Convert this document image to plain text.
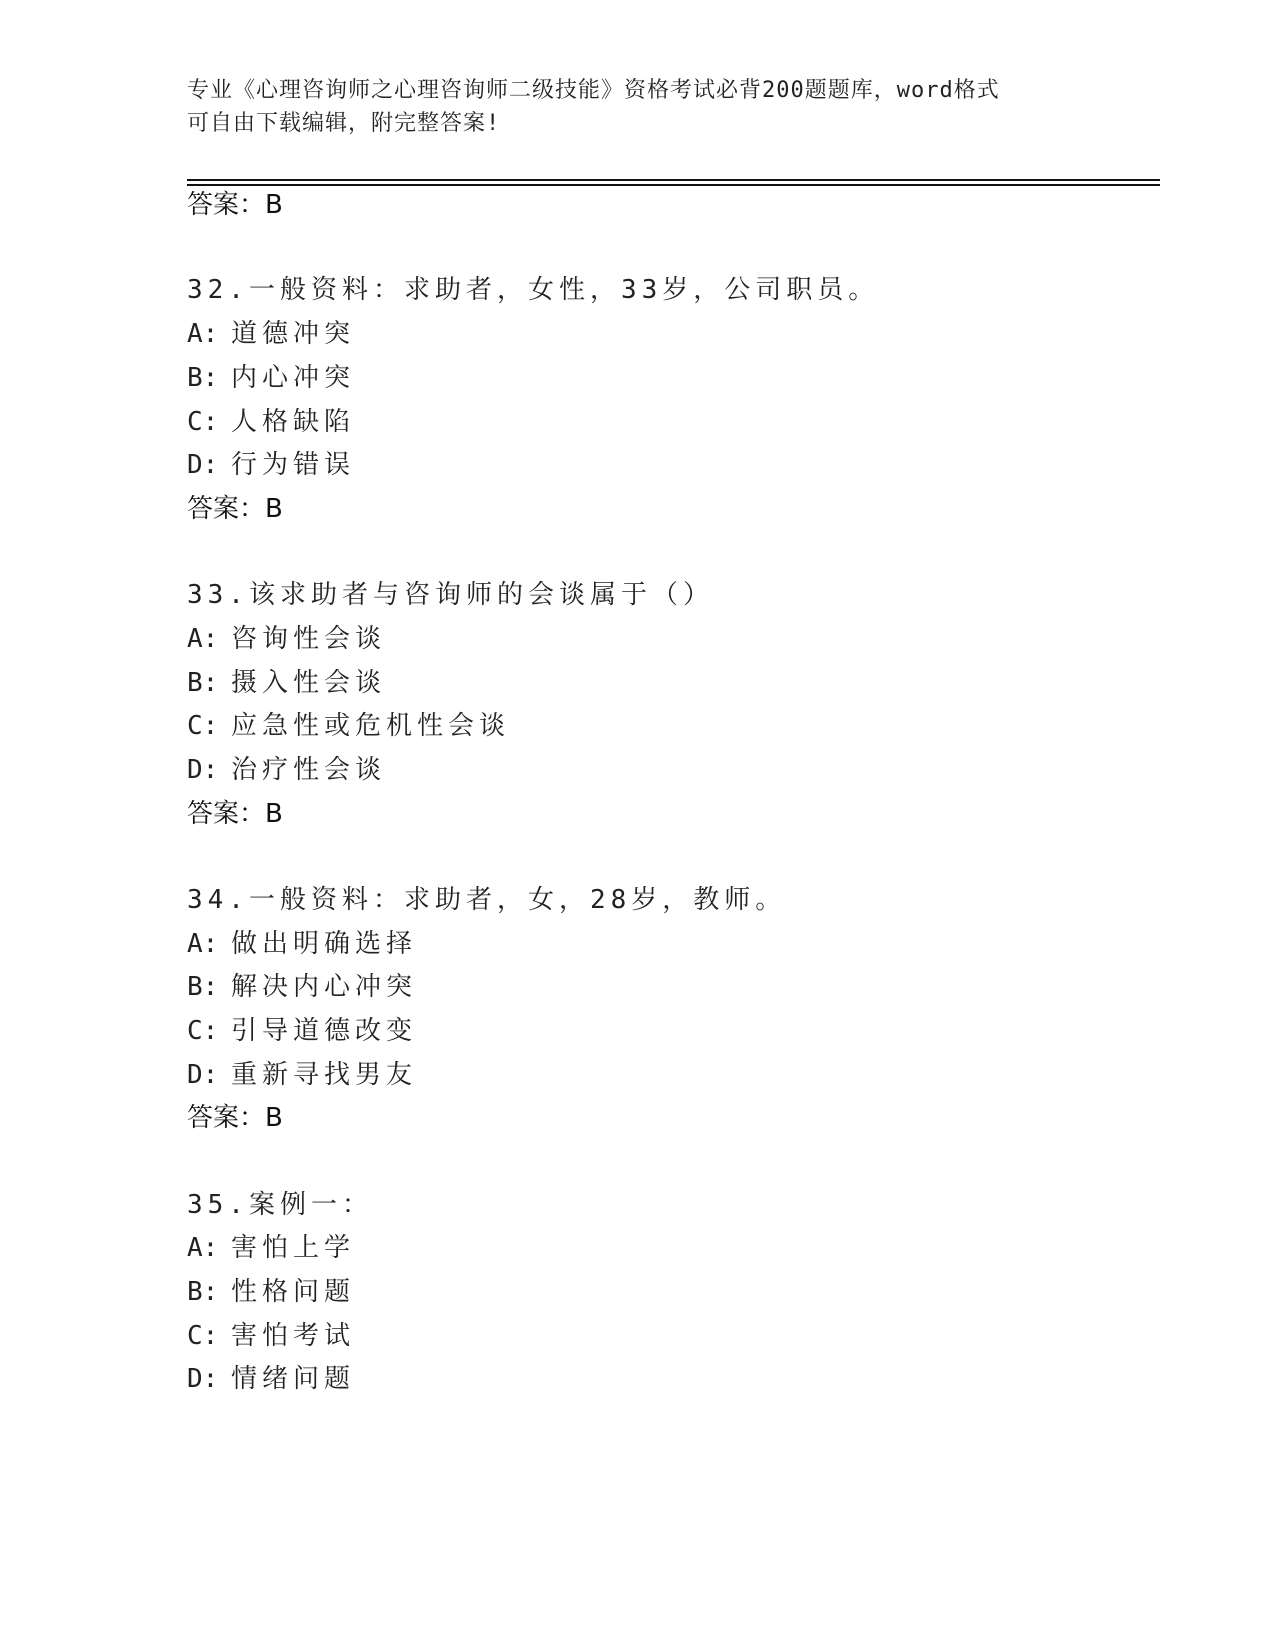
专业《心理咨询师之心理咨询师二级技能》资格考试必背200题题库，word格式
可自由下载编辑，附完整答案!
答案：B
32.一般资料：求助者，女性，33岁，公司职员。
A: 道德冲突
B: 内心冲突
C: 人格缺陷
D: 行为错误
答案：B
33.该求助者与咨询师的会谈属于（）
A: 咨询性会谈
B: 摄入性会谈
C: 应急性或危机性会谈
D: 治疗性会谈
答案：B
34.一般资料：求助者，女，28岁，教师。
A: 做出明确选择
B: 解决内心冲突
C: 引导道德改变
D: 重新寻找男友
答案：B
35.案例一：
A: 害怕上学
B: 性格问题
C: 害怕考试
D: 情绪问题
